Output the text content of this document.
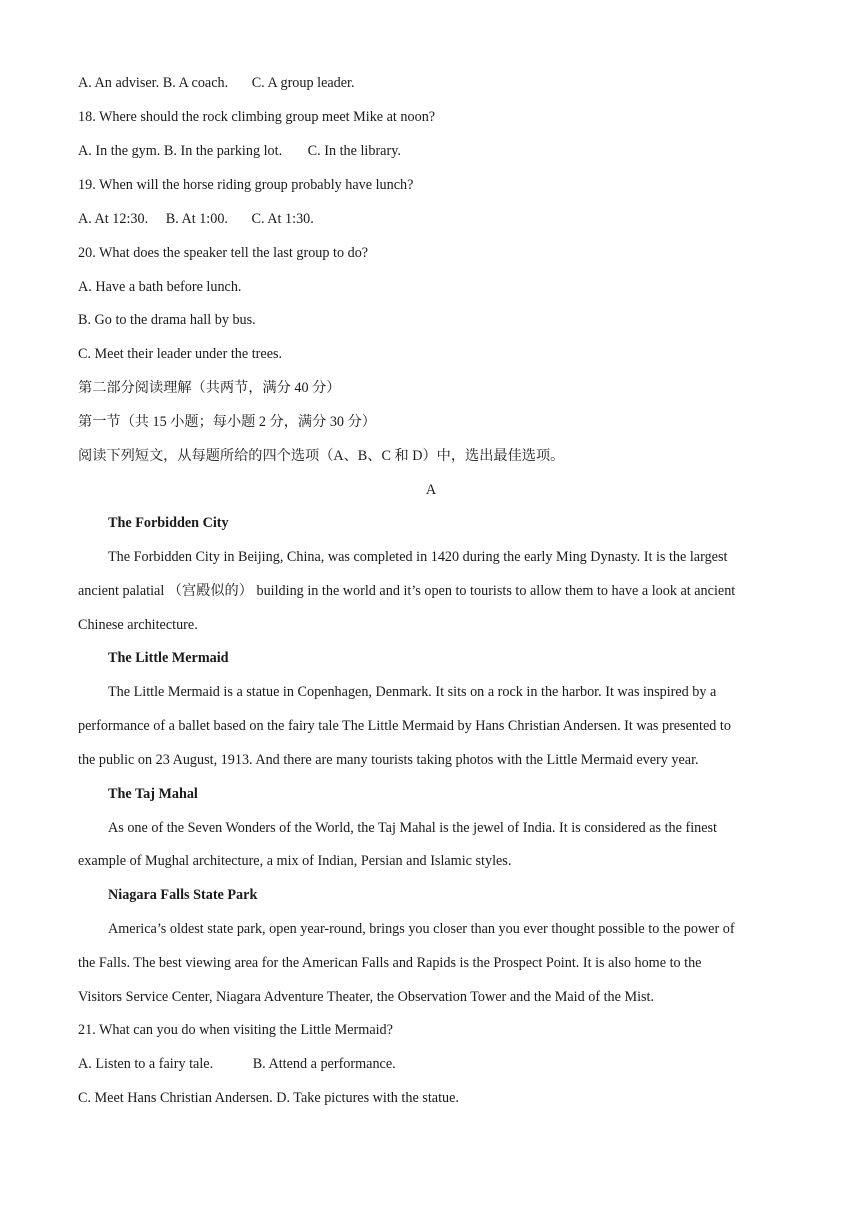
A. An adviser. B. A coach. C. A group leader.
18. Where should the rock climbing group meet Mike at noon?
A. In the gym. B. In the parking lot. C. In the library.
19. When will the horse riding group probably have lunch?
A. At 12:30. B. At 1:00. C. At 1:30.
20. What does the speaker tell the last group to do?
A. Have a bath before lunch.
B. Go to the drama hall by bus.
C. Meet their leader under the trees.
第二部分阅读理解（共两节，满分 40 分）
第一节（共 15 小题；每小题 2 分，满分 30 分）
阅读下列短文，从每题所给的四个选项（A、B、C 和 D）中，选出最佳选项。
A
The Forbidden City
The Forbidden City in Beijing, China, was completed in 1420 during the early Ming Dynasty. It is the largest
ancient palatial （宫殿似的） building in the world and it’s open to tourists to allow them to have a look at ancient
Chinese architecture.
The Little Mermaid
The Little Mermaid is a statue in Copenhagen, Denmark. It sits on a rock in the harbor. It was inspired by a
performance of a ballet based on the fairy tale The Little Mermaid by Hans Christian Andersen. It was presented to
the public on 23 August, 1913. And there are many tourists taking photos with the Little Mermaid every year.
The Taj Mahal
As one of the Seven Wonders of the World, the Taj Mahal is the jewel of India. It is considered as the finest
example of Mughal architecture, a mix of Indian, Persian and Islamic styles.
Niagara Falls State Park
America’s oldest state park, open year-round, brings you closer than you ever thought possible to the power of
the Falls. The best viewing area for the American Falls and Rapids is the Prospect Point. It is also home to the
Visitors Service Center, Niagara Adventure Theater, the Observation Tower and the Maid of the Mist.
21. What can you do when visiting the Little Mermaid?
A. Listen to a fairy tale.	B. Attend a performance.
C. Meet Hans Christian Andersen. D. Take pictures with the statue.
